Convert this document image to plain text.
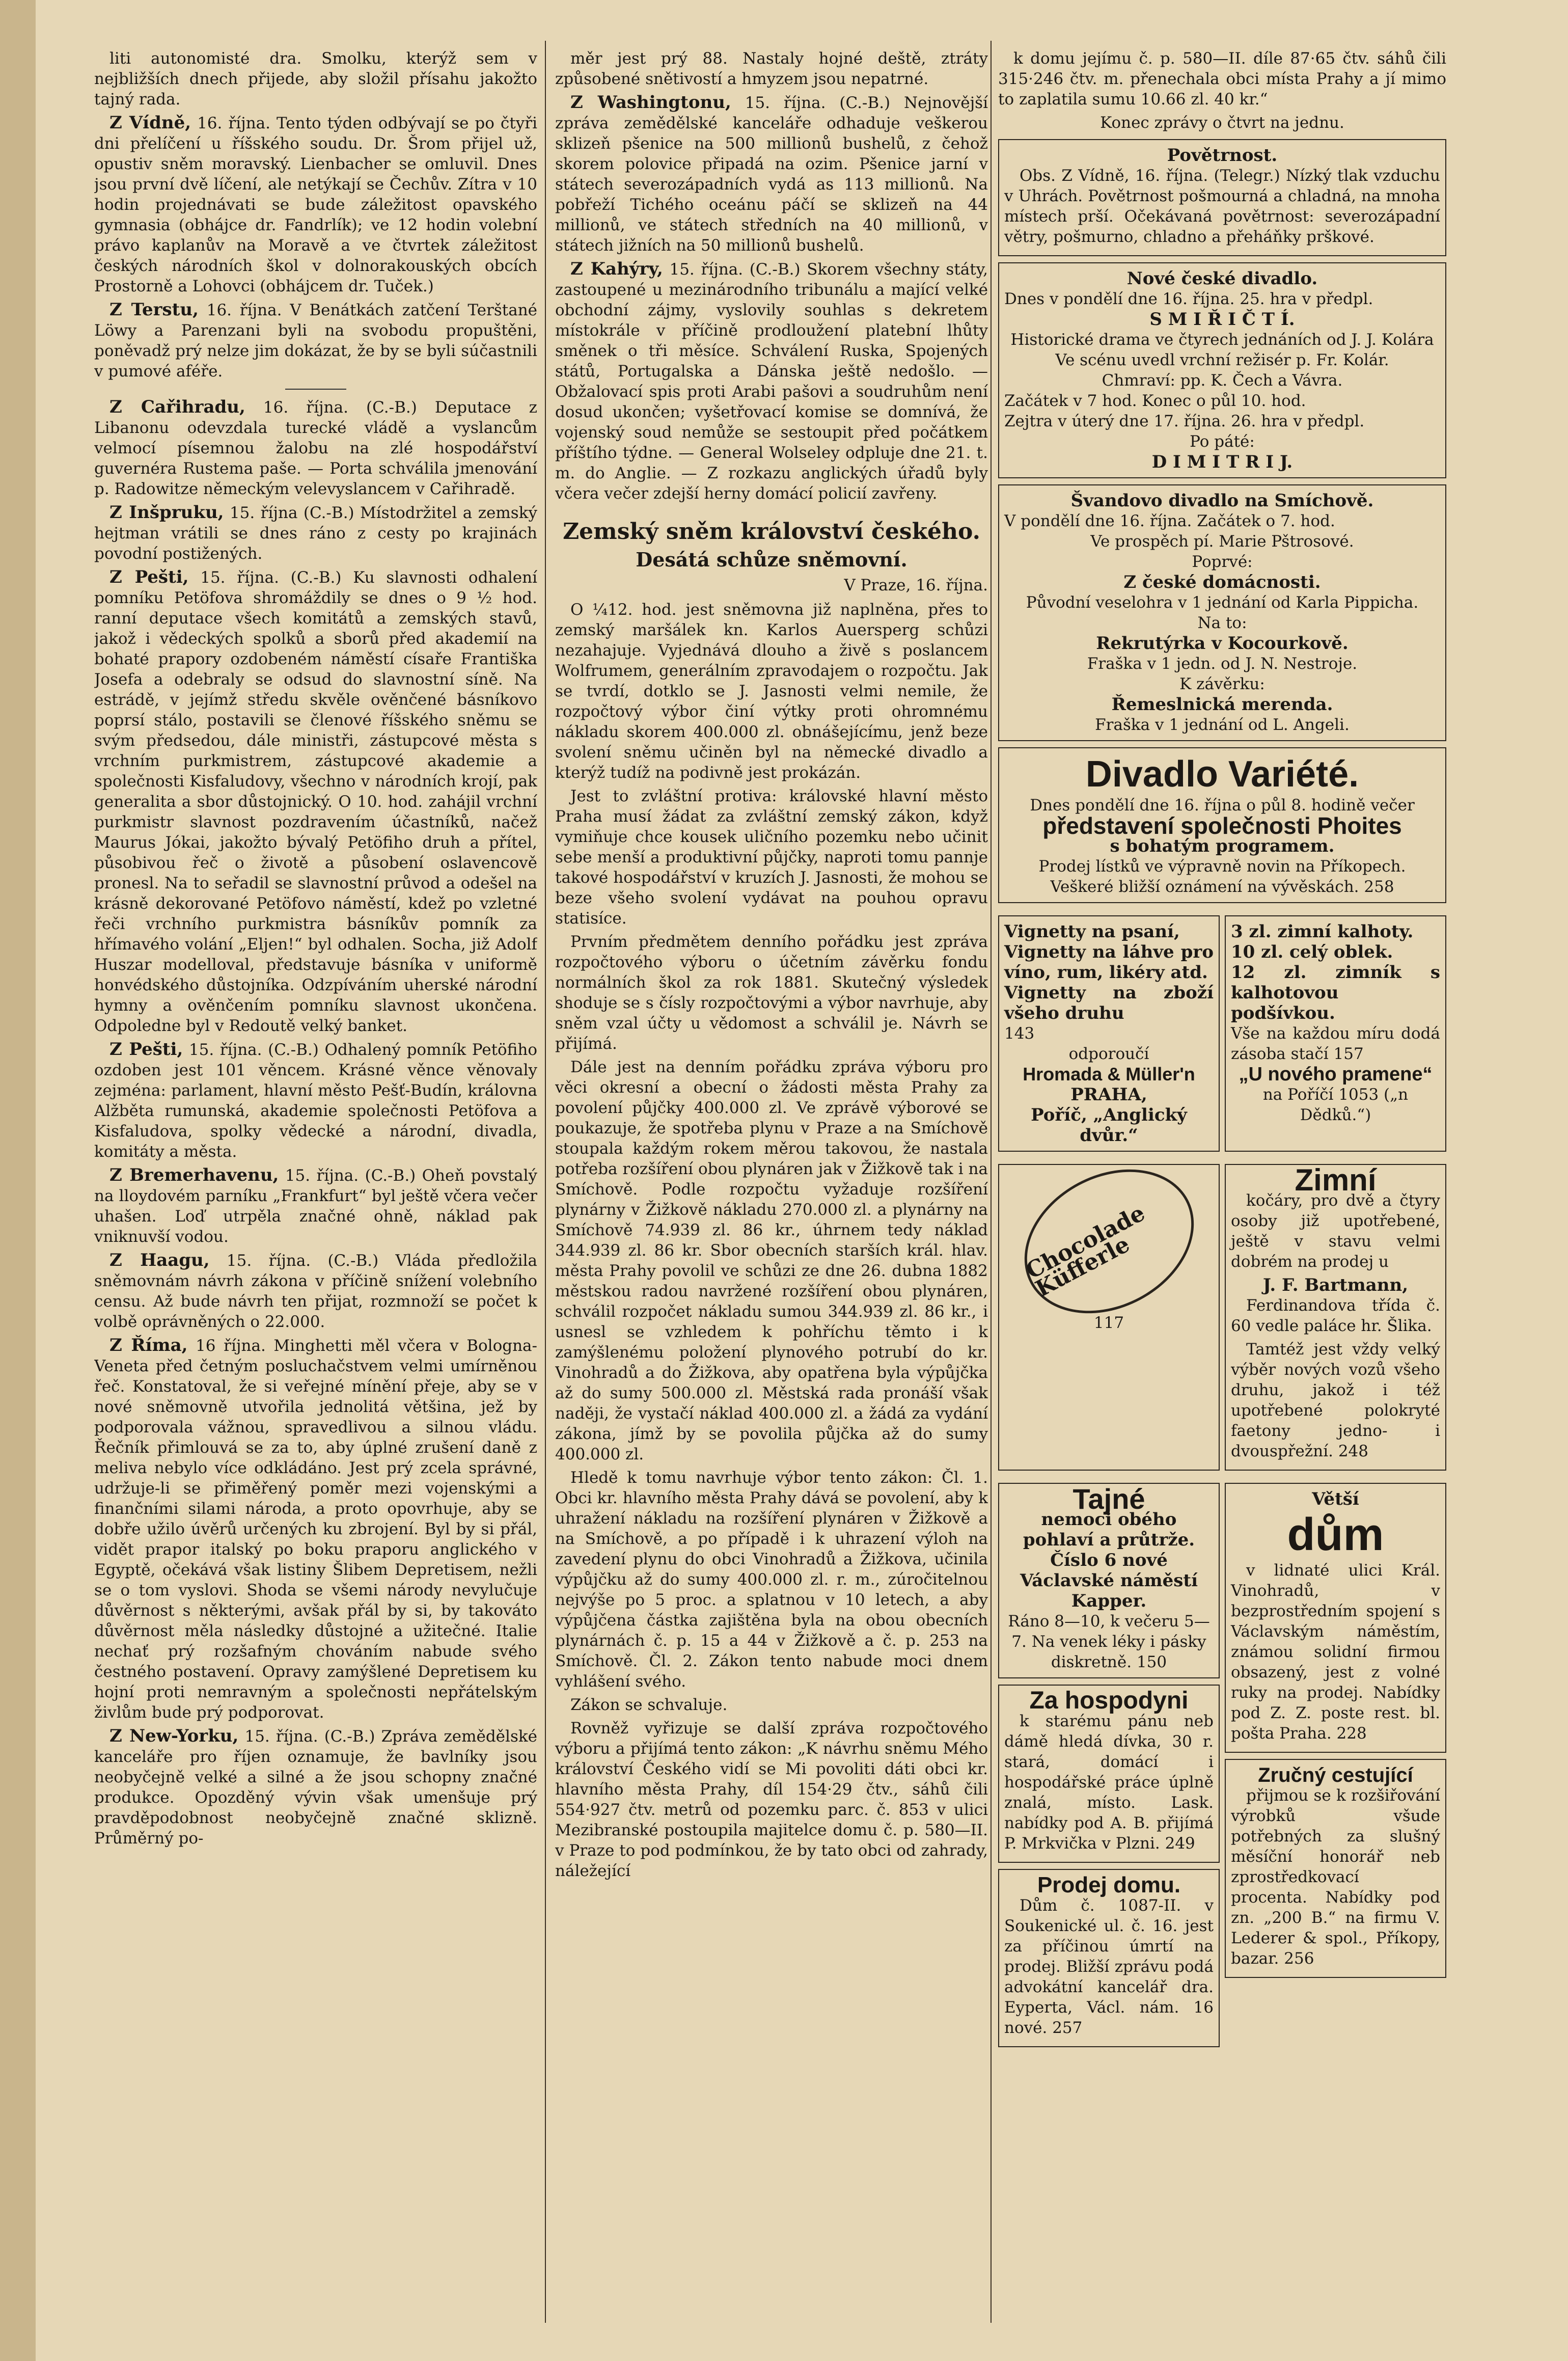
liti autonomisté dra. Smolku, kterýž sem v nejbližších dnech přijede, aby složil přísahu jakožto tajný rada.

Z Vídně, 16. října. Tento týden odbývají se po čtyři dni přelíčení u říšského soudu. Dr. Šrom přijel už, opustiv sněm moravský. Lienbacher se omluvil. Dnes jsou první dvě líčení, ale netýkají se Čechův. Zítra v 10 hodin projednávati se bude záležitost opavského gymnasia (obhájce dr. Fandrlík); ve 12 hodin volební právo kaplanův na Moravě a ve čtvrtek záležitost českých národních škol v dolnorakouských obcích Prostorně a Lohovci (obhájcem dr. Tuček.)

Z Terstu, 16. října. V Benátkách zatčení Terštané Löwy a Parenzani byli na svobodu propuštěni, poněvadž prý nelze jim dokázat, že by se byli súčastnili v pumové aféře.

Z Cařihradu, 16. října. (C.-B.) Deputace z Libanonu odevzdala turecké vládě a vyslancům velmocí písemnou žalobu na zlé hospodářství guvernéra Rustema paše. — Porta schválila jmenování p. Radowitze německým velevyslancem v Cařihradě.

Z Inšpruku, 15. října (C.-B.) Místodržitel a zemský hejtman vrátili se dnes ráno z cesty po krajinách povodní postižených.

Z Pešti, 15. října. (C.-B.) Ku slavnosti odhalení pomníku Petöfova shromáždily se dnes o 9 ½ hod. ranní deputace všech komitátů a zemských stavů, jakož i vědeckých spolků a sborů před akademií na bohaté prapory ozdobeném náměstí císaře Františka Josefa a odebraly se odsud do slavnostní síně. Na estrádě, v jejímž středu skvěle ověnčené básníkovo poprsí stálo, postavili se členové říšského sněmu se svým předsedou, dále ministři, zástupcové města s vrchním purkmistrem, zástupcové akademie a společnosti Kisfaludovy, všechno v národních krojí, pak generalita a sbor důstojnický. O 10. hod. zahájil vrchní purkmistr slavnost pozdravením účastníků, načež Maurus Jókai, jakožto bývalý Petöfiho druh a přítel, působivou řeč o životě a působení oslavencově pronesl. Na to seřadil se slavnostní průvod a odešel na krásně dekorované Petöfovo náměstí, kdež po vzletné řeči vrchního purkmistra básníkův pomník za hřímavého volání „Eljen!“ byl odhalen. Socha, již Adolf Huszar modelloval, představuje básníka v uniformě honvédského důstojníka. Odzpíváním uherské národní hymny a ověnčením pomníku slavnost ukončena. Odpoledne byl v Redoutě velký banket.

Z Pešti, 15. října. (C.-B.) Odhalený pomník Petöfiho ozdoben jest 101 věncem. Krásné věnce věnovaly zejména: parlament, hlavní město Pešť-Budín, královna Alžběta rumunská, akademie společnosti Petöfova a Kisfaludova, spolky vědecké a národní, divadla, komitáty a města.

Z Bremerhavenu, 15. října. (C.-B.) Oheň povstalý na lloydovém parníku „Frankfurt“ byl ještě včera večer uhašen. Loď utrpěla značné ohně, náklad pak vniknuvší vodou.

Z Haagu, 15. října. (C.-B.) Vláda předložila sněmovnám návrh zákona v příčině snížení volebního censu. Až bude návrh ten přijat, rozmnoží se počet k volbě oprávněných o 22.000.

Z Říma, 16 října. Minghetti měl včera v Bologna-Veneta před četným posluchačstvem velmi umírněnou řeč. Konstatoval, že si veřejné mínění přeje, aby se v nové sněmovně utvořila jednolitá většina, jež by podporovala vážnou, spravedlivou a silnou vládu. Řečník přimlouvá se za to, aby úplné zrušení daně z meliva nebylo více odkládáno. Jest prý zcela správné, udržuje-li se přiměřený poměr mezi vojenskými a finančními silami národa, a proto opovrhuje, aby se dobře užilo úvěrů určených ku zbrojení. Byl by si přál, vidět prapor italský po boku praporu anglického v Egyptě, očekává však listiny Šlibem Depretisem, nežli se o tom vyslovi. Shoda se všemi národy nevylučuje důvěrnost s některými, avšak přál by si, by takováto důvěrnost měla následky důstojné a užitečné. Italie nechať prý rozšafným chováním nabude svého čestného postavení. Opravy zamýšlené Depretisem ku hojní proti nemravným a společnosti nepřátelským živlům bude prý podporovat.

Z New-Yorku, 15. října. (C.-B.) Zpráva zemědělské kanceláře pro říjen oznamuje, že bavlníky jsou neobyčejně velké a silné a že jsou schopny značné produkce. Opozděný vývin však umenšuje prý pravděpodobnost neobyčejně značné sklizně. Průměrný po-

měr jest prý 88. Nastaly hojné deště, ztráty způsobené snětivostí a hmyzem jsou nepatrné.

Z Washingtonu, 15. října. (C.-B.) Nejnovější zpráva zemědělské kanceláře odhaduje veškerou sklizeň pšenice na 500 millionů bushelů, z čehož skorem polovice připadá na ozim. Pšenice jarní v státech severozápadních vydá as 113 millionů. Na pobřeží Tichého oceánu páčí se sklizeň na 44 millionů, ve státech středních na 40 millionů, v státech jižních na 50 millionů bushelů.

Z Kahýry, 15. října. (C.-B.) Skorem všechny státy, zastoupené u mezinárodního tribunálu a mající velké obchodní zájmy, vyslovily souhlas s dekretem místokrále v příčině prodloužení platební lhůty směnek o tři měsíce. Schválení Ruska, Spojených států, Portugalska a Dánska ještě nedošlo. — Obžalovací spis proti Arabi pašovi a soudruhům není dosud ukončen; vyšetřovací komise se domnívá, že vojenský soud nemůže se sestoupit před počátkem příštího týdne. — General Wolseley odpluje dne 21. t. m. do Anglie. — Z rozkazu anglických úřadů byly včera večer zdejší herny domácí policií zavřeny.

Zemský sněm království českého.
Desátá schůze sněmovní.
V Praze, 16. října.

O ¼12. hod. jest sněmovna již naplněna, přes to zemský maršálek kn. Karlos Auersperg schůzi nezahajuje. Vyjednává dlouho a živě s poslancem Wolfrumem, generálním zpravodajem o rozpočtu. Jak se tvrdí, dotklo se J. Jasnosti velmi nemile, že rozpočtový výbor činí výtky proti ohromnému nákladu skorem 400.000 zl. obnášejícímu, jenž beze svolení sněmu učiněn byl na německé divadlo a kterýž tudíž na podivně jest prokázán.

Jest to zvláštní protiva: královské hlavní město Praha musí žádat za zvláštní zemský zákon, když vymiňuje chce kousek uličního pozemku nebo učinit sebe menší a produktivní půjčky, naproti tomu pannje takové hospodářství v kruzích J. Jasnosti, že mohou se beze všeho svolení vydávat na pouhou opravu statisíce.

Prvním předmětem denního pořádku jest zpráva rozpočtového výboru o účetním závěrku fondu normálních škol za rok 1881. Skutečný výsledek shoduje se s čísly rozpočtovými a výbor navrhuje, aby sněm vzal účty u vědomost a schválil je. Návrh se přijímá.

Dále jest na denním pořádku zpráva výboru pro věci okresní a obecní o žádosti města Prahy za povolení půjčky 400.000 zl. Ve zprávě výborové se poukazuje, že spotřeba plynu v Praze a na Smíchově stoupala každým rokem měrou takovou, že nastala potřeba rozšíření obou plynáren jak v Žižkově tak i na Smíchově. Podle rozpočtu vyžaduje rozšíření plynárny v Žižkově nákladu 270.000 zl. a plynárny na Smíchově 74.939 zl. 86 kr., úhrnem tedy náklad 344.939 zl. 86 kr. Sbor obecních starších král. hlav. města Prahy povolil ve schůzi ze dne 26. dubna 1882 městskou radou navržené rozšíření obou plynáren, schválil rozpočet nákladu sumou 344.939 zl. 86 kr., i usnesl se vzhledem k pohříchu těmto i k zamýšlenému položení plynového potrubí do kr. Vinohradů a do Žižkova, aby opatřena byla výpůjčka až do sumy 500.000 zl. Městská rada pronáší však naději, že vystačí náklad 400.000 zl. a žádá za vydání zákona, jímž by se povolila půjčka až do sumy 400.000 zl.

Hledě k tomu navrhuje výbor tento zákon: Čl. 1. Obci kr. hlavního města Prahy dává se povolení, aby k uhražení nákladu na rozšíření plynáren v Žižkově a na Smíchově, a po případě i k uhrazení výloh na zavedení plynu do obci Vinohradů a Žižkova, učinila výpůjčku až do sumy 400.000 zl. r. m., zúročitelnou nejvýše po 5 proc. a splatnou v 10 letech, a aby výpůjčena částka zajištěna byla na obou obecních plynárnách č. p. 15 a 44 v Žižkově a č. p. 253 na Smíchově. Čl. 2. Zákon tento nabude moci dnem vyhlášení svého.

Zákon se schvaluje.

Rovněž vyřizuje se další zpráva rozpočtového výboru a přijímá tento zákon: „K návrhu sněmu Mého království Českého vidí se Mi povoliti dáti obci kr. hlavního města Prahy, díl 154·29 čtv., sáhů čili 554·927 čtv. metrů od pozemku parc. č. 853 v ulici Mezibranské postoupila majitelce domu č. p. 580—II. v Praze to pod podmínkou, že by tato obci od zahrady, náležející

k domu jejímu č. p. 580—II. díle 87·65 čtv. sáhů čili 315·246 čtv. m. přenechala obci místa Prahy a jí mimo to zaplatila sumu 10.66 zl. 40 kr.“

Konec zprávy o čtvrt na jednu.

Povětrnost.

Obs. Z Vídně, 16. října. (Telegr.) Nízký tlak vzduchu v Uhrách. Povětrnost pošmourná a chladná, na mnoha místech prší. Očekávaná povětrnost: severozápadní větry, pošmurno, chladno a přeháňky prškové.

Nové české divadlo.
Dnes v pondělí dne 16. října. 25. hra v předpl.
S M I Ř I Č T Í.
Historické drama ve čtyrech jednáních od J. J. Kolára
Ve scénu uvedl vrchní režisér p. Fr. Kolár.
Chmraví: pp. K. Čech a Vávra.
Začátek v 7 hod. Konec o půl 10. hod.
Zejtra v úterý dne 17. října. 26. hra v předpl.
Po páté:
D I M I T R I J.
Švandovo divadlo na Smíchově.
V pondělí dne 16. října. Začátek o 7. hod.
Ve prospěch pí. Marie Pštrosové.
Poprvé:
Z české domácnosti.
Původní veselohra v 1 jednání od Karla Pippicha.
Na to:
Rekrutýrka v Kocourkově.
Fraška v 1 jedn. od J. N. Nestroje.
K závěrku:
Řemeslnická merenda.
Fraška v 1 jednání od L. Angeli.
Divadlo Variété.
Dnes pondělí dne 16. října o půl 8. hodině večer
představení společnosti Phoites
s bohatým programem.
Prodej lístků ve výpravně novin na Příkopech.
Veškeré bližší oznámení na vývěskách. 258
Vignetty na psaní,
Vignetty na láhve pro víno, rum, likéry atd.
Vignetty na zboží všeho druhu
143
odporoučí
Hromada & Müller'n
PRAHA,
Poříč, „Anglický dvůr.“
3 zl. zimní kalhoty.
10 zl. celý oblek.
12 zl. zimník s kalhotovou podšívkou.
Vše na každou míru dodá zásoba stačí 157
„U nového pramene“
na Poříčí 1053 („n Dědků.“)
Chocolade Küfferle
117
Zimní

kočáry, pro dvě a čtyry osoby již upotřebené, ještě v stavu velmi dobrém na prodej u

J. F. Bartmann,

Ferdinandova třída č. 60 vedle paláce hr. Šlika.

Tamtéž jest vždy velký výběr nových vozů všeho druhu, jakož i též upotřebené polokryté faetony jedno- i dvouspřežní. 248

Tajné
nemoci obého pohlaví a průtrže. Číslo 6 nové
Václavské náměstí Kapper.
Ráno 8—10, k večeru 5—7. Na venek léky i pásky diskretně. 150
Za hospodyni

k starému pánu neb dámě hledá dívka, 30 r. stará, domácí i hospodářské práce úplně znalá, místo. Lask. nabídky pod A. B. přijímá P. Mrkvička v Plzni. 249

Prodej domu.

Dům č. 1087-II. v Soukenické ul. č. 16. jest za příčinou úmrtí na prodej. Bližší zprávu podá advokátní kancelář dra. Eyperta, Václ. nám. 16 nové. 257

Větší
dům

v lidnaté ulici Král. Vinohradů, v bezprostředním spojení s Václavským náměstím, známou solidní firmou obsazený, jest z volné ruky na prodej. Nabídky pod Z. Z. poste rest. bl. pošta Praha. 228

Zručný cestující

přijmou se k rozšiřování výrobků všude potřebných za slušný měsíční honorář neb zprostředkovací procenta. Nabídky pod zn. „200 B.“ na firmu V. Lederer & spol., Příkopy, bazar. 256
